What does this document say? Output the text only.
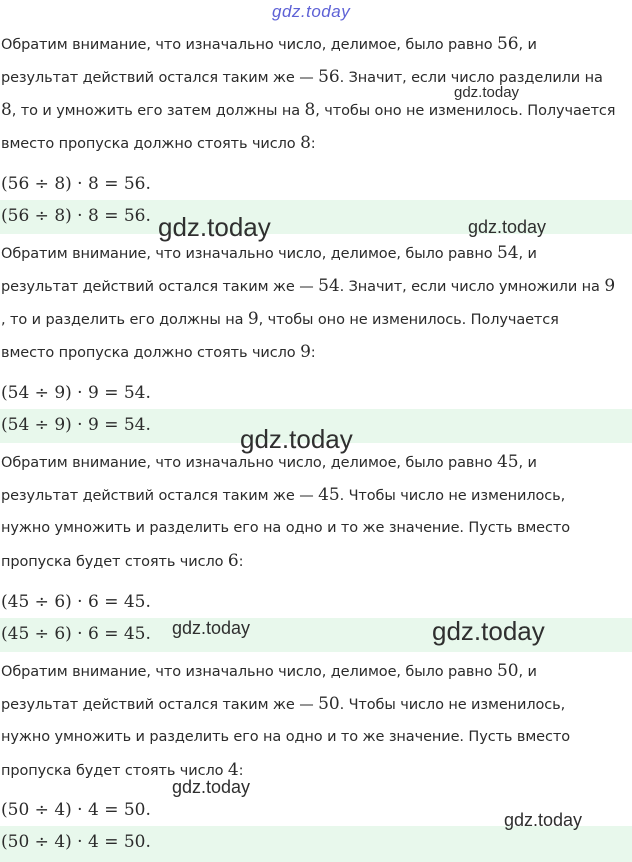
gdz.today

Обратим внимание, что изначально число, делимое, было равно 56, и

результат действий остался таким же — 56. Значит, если число разделили на

8, то и умножить его затем должны на 8, чтобы оно не изменилось. Получается

вместо пропуска должно стоять число 8:

(56 ÷ 8) · 8 = 56.

(56 ÷ 8) · 8 = 56.

Обратим внимание, что изначально число, делимое, было равно 54, и

результат действий остался таким же — 54. Значит, если число умножили на 9

, то и разделить его должны на 9, чтобы оно не изменилось. Получается

вместо пропуска должно стоять число 9:

(54 ÷ 9) · 9 = 54.

(54 ÷ 9) · 9 = 54.

Обратим внимание, что изначально число, делимое, было равно 45, и

результат действий остался таким же — 45. Чтобы число не изменилось,

нужно умножить и разделить его на одно и то же значение. Пусть вместо

пропуска будет стоять число 6:

(45 ÷ 6) · 6 = 45.

(45 ÷ 6) · 6 = 45.

Обратим внимание, что изначально число, делимое, было равно 50, и

результат действий остался таким же — 50. Чтобы число не изменилось,

нужно умножить и разделить его на одно и то же значение. Пусть вместо

пропуска будет стоять число 4:

(50 ÷ 4) · 4 = 50.

(50 ÷ 4) · 4 = 50.

gdz.today
gdz.today	gdz.today
gdz.today
gdz.today	gdz.today
gdz.today
gdz.today
